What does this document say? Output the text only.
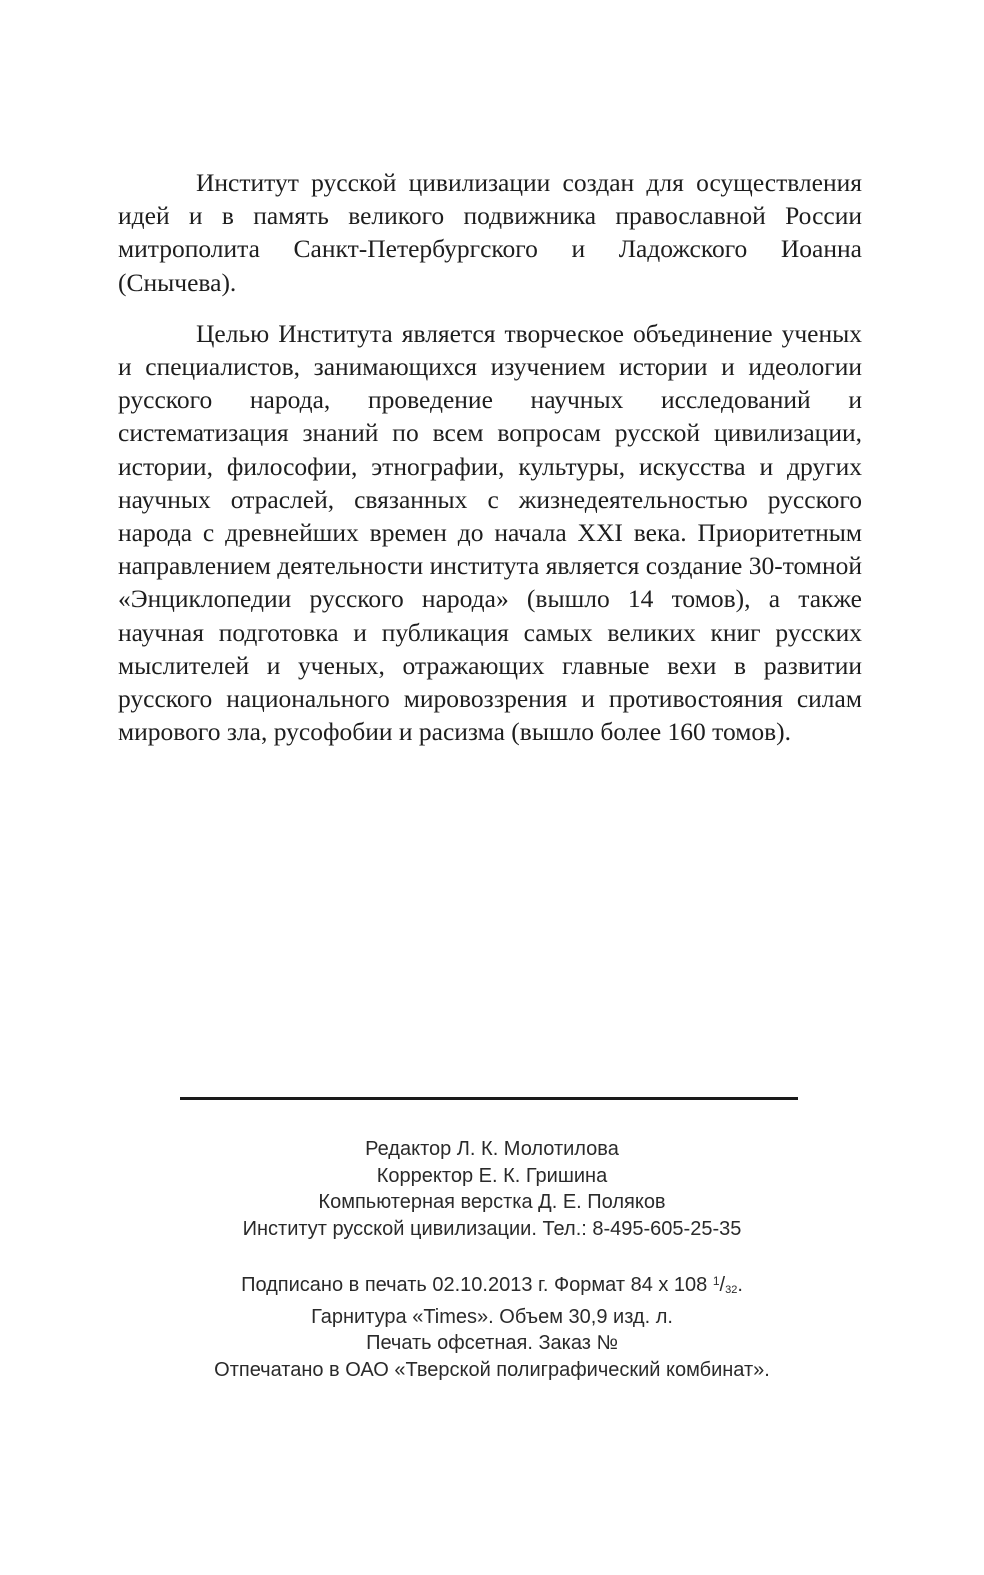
Институт русской цивилизации создан для осуществления идей и в память великого подвижника православной России митрополита Санкт-Петербургского и Ладожского Иоанна (Снычева).

Целью Института является творческое объединение ученых и специалистов, занимающихся изучением истории и идеологии русского народа, проведение научных исследований и систематизация знаний по всем вопросам русской цивилизации, истории, философии, этнографии, культуры, искусства и других научных отраслей, связанных с жизнедеятельностью русского народа с древнейших времен до начала XXI века. Приоритетным направлением деятельности института является создание 30-томной «Энциклопедии русского народа» (вышло 14 томов), а также научная подготовка и публикация самых великих книг русских мыслителей и ученых, отражающих главные вехи в развитии русского национального мировоззрения и противостояния силам мирового зла, русофобии и расизма (вышло более 160 томов).

Редактор Л. К. Молотилова
Корректор Е. К. Гришина
Компьютерная верстка Д. Е. Поляков
Институт русской цивилизации. Тел.: 8-495-605-25-35
Подписано в печать 02.10.2013 г. Формат 84 х 108 $^1/_{32}$.
Гарнитура «Times». Объем 30,9 изд. л.
Печать офсетная. Заказ №
Отпечатано в ОАО «Тверской полиграфический комбинат».
